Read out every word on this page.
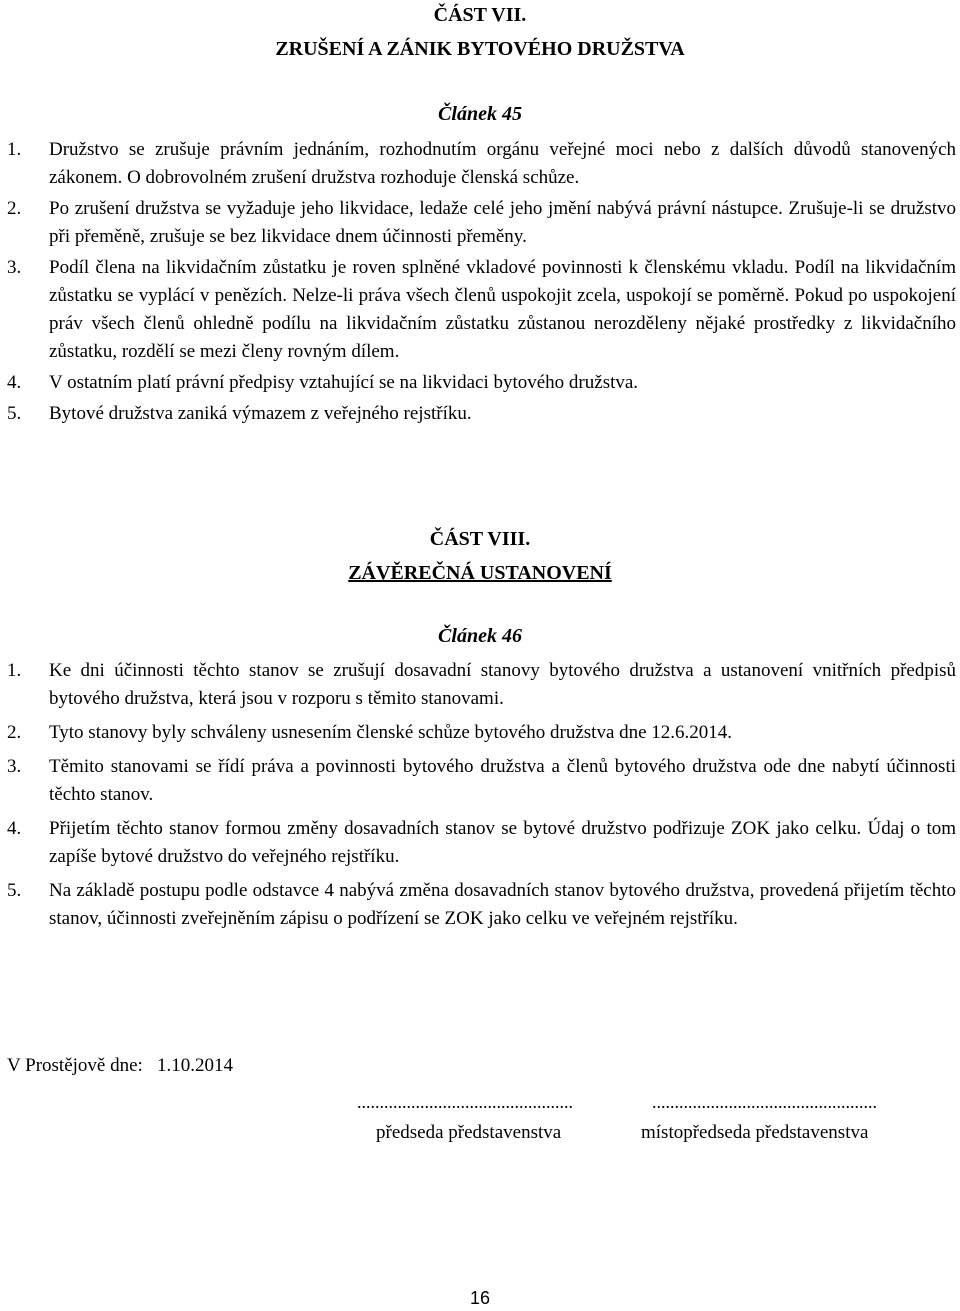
ČÁST VII.
ZRUŠENÍ A ZÁNIK BYTOVÉHO DRUŽSTVA
Článek 45
1. Družstvo se zrušuje právním jednáním, rozhodnutím orgánu veřejné moci nebo z dalších důvodů stanovených zákonem. O dobrovolném zrušení družstva rozhoduje členská schůze.
2. Po zrušení družstva se vyžaduje jeho likvidace, ledaže celé jeho jmění nabývá právní nástupce. Zrušuje-li se družstvo při přeměně, zrušuje se bez likvidace dnem účinnosti přeměny.
3. Podíl člena na likvidačním zůstatku je roven splněné vkladové povinnosti k členskému vkladu. Podíl na likvidačním zůstatku se vyplácí v penězích. Nelze-li práva všech členů uspokojit zcela, uspokojí se poměrně. Pokud po uspokojení práv všech členů ohledně podílu na likvidačním zůstatku zůstanou nerozděleny nějaké prostředky z likvidačního zůstatku, rozdělí se mezi členy rovným dílem.
4. V ostatním platí právní předpisy vztahující se na likvidaci bytového družstva.
5. Bytové družstva zaniká výmazem z veřejného rejstříku.
ČÁST VIII.
ZÁVĚREČNÁ USTANOVENÍ
Článek 46
1. Ke dni účinnosti těchto stanov se zrušují dosavadní stanovy bytového družstva a ustanovení vnitřních předpisů bytového družstva, která jsou v rozporu s těmito stanovami.
2. Tyto stanovy byly schváleny usnesením členské schůze bytového družstva dne 12.6.2014.
3. Těmito stanovami se řídí práva a povinnosti bytového družstva a členů bytového družstva ode dne nabytí účinnosti těchto stanov.
4. Přijetím těchto stanov formou změny dosavadních stanov se bytové družstvo podřizuje ZOK jako celku. Údaj o tom zapíše bytové družstvo do veřejného rejstříku.
5. Na základě postupu podle odstavce 4 nabývá změna dosavadních stanov bytového družstva, provedená přijetím těchto stanov, účinnosti zveřejněním zápisu o podřízení se ZOK jako celku ve veřejném rejstříku.
V Prostějově dne:   1.10.2014
................................................	..................................................
předseda představenstva	místopředseda představenstva
16
